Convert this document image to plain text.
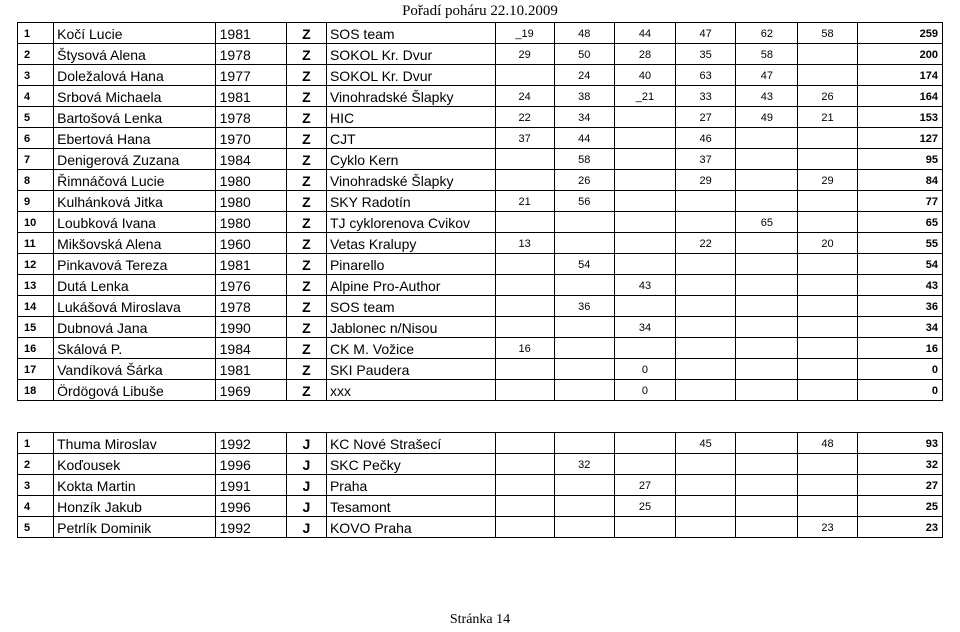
Pořadí poháru 22.10.2009
1	Kočí Lucie	1981	Z	SOS team	_19	48	44	47	62	58	259
2	Štysová Alena	1978	Z	SOKOL Kr. Dvur	29	50	28	35	58		200
3	Doležalová Hana	1977	Z	SOKOL Kr. Dvur		24	40	63	47		174
4	Srbová Michaela	1981	Z	Vinohradské Šlapky	24	38	_21	33	43	26	164
5	Bartošová Lenka	1978	Z	HIC	22	34		27	49	21	153
6	Ebertová Hana	1970	Z	CJT	37	44		46			127
7	Denigerová Zuzana	1984	Z	Cyklo Kern		58		37			95
8	Řimnáčová Lucie	1980	Z	Vinohradské Šlapky		26		29		29	84
9	Kulhánková Jitka	1980	Z	SKY Radotín	21	56					77
10	Loubková Ivana	1980	Z	TJ cyklorenova Cvikov					65		65
11	Mikšovská Alena	1960	Z	Vetas Kralupy	13			22		20	55
12	Pinkavová Tereza	1981	Z	Pinarello		54					54
13	Dutá Lenka	1976	Z	Alpine Pro-Author			43				43
14	Lukášová Miroslava	1978	Z	SOS team		36					36
15	Dubnová Jana	1990	Z	Jablonec n/Nisou			34				34
16	Skálová P.	1984	Z	CK M. Vožice	16						16
17	Vandíková Šárka	1981	Z	SKI Paudera			0				0
18	Ördögová Libuše	1969	Z	xxx			0				0
1	Thuma Miroslav	1992	J	KC Nové Strašecí				45		48	93
2	Koďousek	1996	J	SKC Pečky		32					32
3	Kokta Martin	1991	J	Praha			27				27
4	Honzík Jakub	1996	J	Tesamont			25				25
5	Petrlík Dominik	1992	J	KOVO Praha						23	23
Stránka 14
